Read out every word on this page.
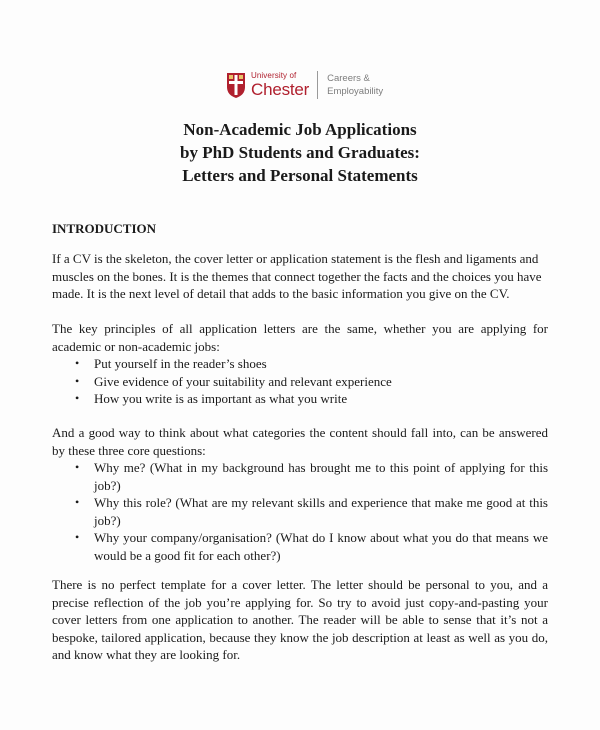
University of
Chester
Careers &
Employability
Non-Academic Job Applications
by PhD Students and Graduates:
Letters and Personal Statements
INTRODUCTION

If a CV is the skeleton, the cover letter or application statement is the flesh and ligaments and muscles on the bones. It is the themes that connect together the facts and the choices you have made. It is the next level of detail that adds to the basic information you give on the CV.

The key principles of all application letters are the same, whether you are applying for academic or non-academic jobs:

• Put yourself in the reader’s shoes
• Give evidence of your suitability and relevant experience
• How you write is as important as what you write

And a good way to think about what categories the content should fall into, can be answered by these three core questions:

• Why me? (What in my background has brought me to this point of applying for this job?)
• Why this role? (What are my relevant skills and experience that make me good at this job?)
• Why your company/organisation? (What do I know about what you do that means we would be a good fit for each other?)

There is no perfect template for a cover letter. The letter should be personal to you, and a precise reflection of the job you’re applying for. So try to avoid just copy-and-pasting your cover letters from one application to another. The reader will be able to sense that it’s not a bespoke, tailored application, because they know the job description at least as well as you do, and know what they are looking for.
